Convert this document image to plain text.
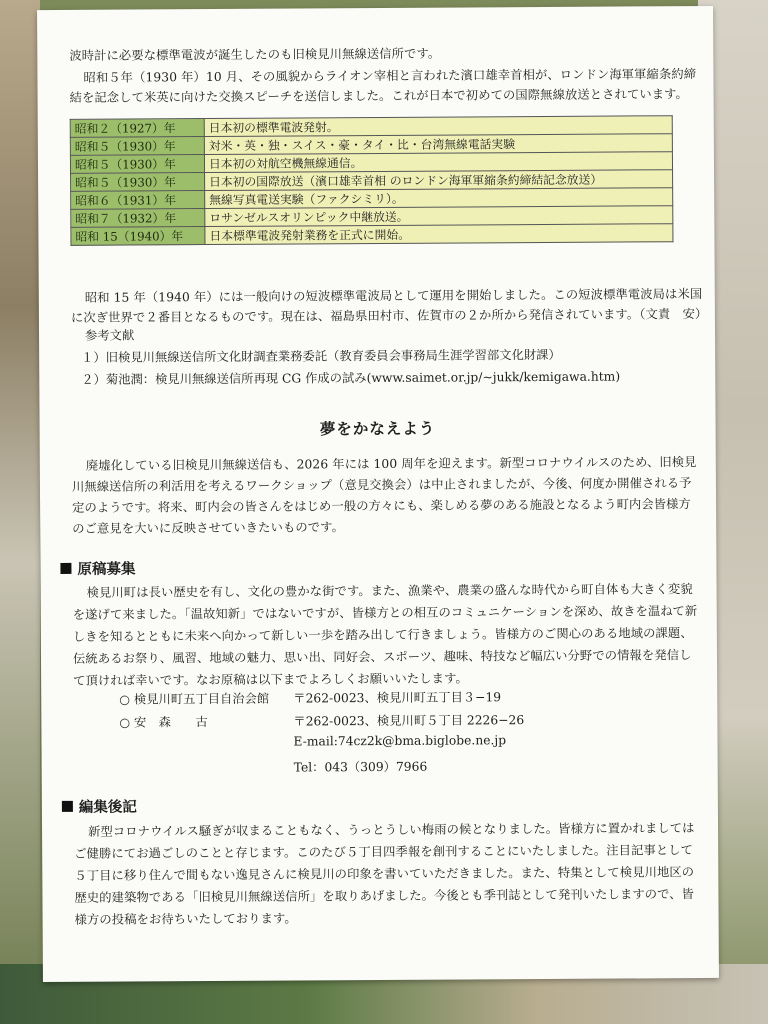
波時計に必要な標準電波が誕生したのも旧検見川無線送信所です。

昭和５年（1930 年）10 月、その風貌からライオン宰相と言われた濱口雄幸首相が、ロンドン海軍軍縮条約締

結を記念して米英に向けた交換スピーチを送信しました。これが日本で初めての国際無線放送とされています。

昭和２（1927）年	日本初の標準電波発射。
昭和５（1930）年	対米・英・独・スイス・豪・タイ・比・台湾無線電話実験
昭和５（1930）年	日本初の対航空機無線通信。
昭和５（1930）年	日本初の国際放送（濱口雄幸首相 のロンドン海軍軍縮条約締結記念放送）
昭和６（1931）年	無線写真電送実験（ファクシミリ）。
昭和７（1932）年	ロサンゼルスオリンピック中継放送。
昭和 15（1940）年	日本標準電波発射業務を正式に開始。

昭和 15 年（1940 年）には一般向けの短波標準電波局として運用を開始しました。この短波標準電波局は米国

に次ぎ世界で２番目となるものです。現在は、福島県田村市、佐賀市の２か所から発信されています。（文責　安）

参考文献
１）旧検見川無線送信所文化財調査業務委託（教育委員会事務局生涯学習部文化財課）
２）菊池潤：検見川無線送信所再現 CG 作成の試み(www.saimet.or.jp/~jukk/kemigawa.htm)
夢をかなえよう

廃墟化している旧検見川無線送信も、2026 年には 100 周年を迎えます。新型コロナウイルスのため、旧検見

川無線送信所の利活用を考えるワークショップ（意見交換会）は中止されましたが、今後、何度か開催される予

定のようです。将来、町内会の皆さんをはじめ一般の方々にも、楽しめる夢のある施設となるよう町内会皆様方

のご意見を大いに反映させていきたいものです。

原稿募集

検見川町は長い歴史を有し、文化の豊かな街です。また、漁業や、農業の盛んな時代から町自体も大きく変貌

を遂げて来ました。「温故知新」ではないですが、皆様方との相互のコミュニケーションを深め、故きを温ねて新

しきを知るとともに未来へ向かって新しい一歩を踏み出して行きましょう。皆様方のご関心のある地域の課題、

伝統あるお祭り、風習、地域の魅力、思い出、同好会、スポーツ、趣味、特技など幅広い分野での情報を発信し

て頂ければ幸いです。なお原稿は以下までよろしくお願いいたします。

○ 検見川町五丁目自治会館 〒262-0023、検見川町五丁目３−19
○ 安　森　　古	〒262-0023、検見川町５丁目 2226−26
E-mail:74cz2k@bma.biglobe.ne.jp
Tel：043（309）7966
編集後記

新型コロナウイルス騒ぎが収まることもなく、うっとうしい梅雨の候となりました。皆様方に置かれましては

ご健勝にてお過ごしのことと存じます。このたび５丁目四季報を創刊することにいたしました。注目記事として

５丁目に移り住んで間もない逸見さんに検見川の印象を書いていただきました。また、特集として検見川地区の

歴史的建築物である「旧検見川無線送信所」を取りあげました。今後とも季刊誌として発刊いたしますので、皆

様方の投稿をお待ちいたしております。
